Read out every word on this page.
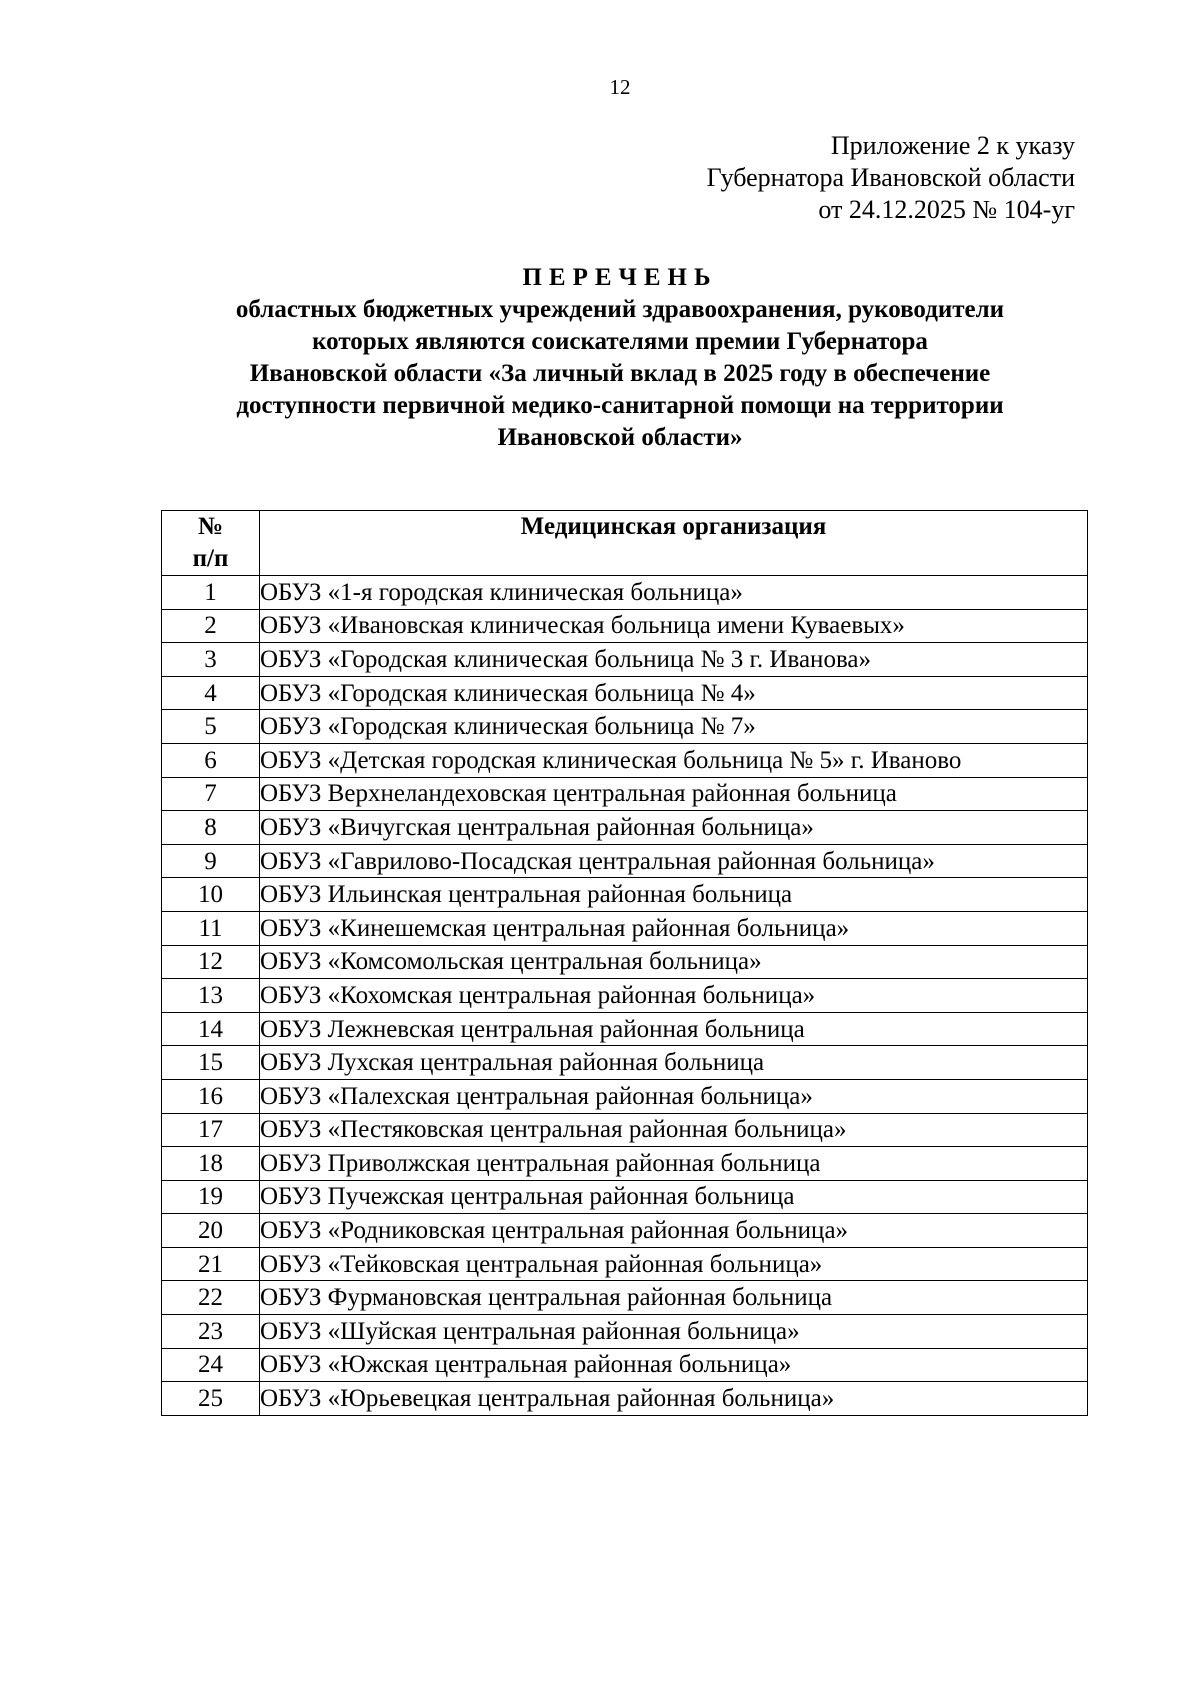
12
Приложение 2 к указу
Губернатора Ивановской области
от 24.12.2025 № 104-уг
ПЕРЕЧЕНЬ
областных бюджетных учреждений здравоохранения, руководители
которых являются соискателями премии Губернатора
Ивановской области «За личный вклад в 2025 году в обеспечение
доступности первичной медико-санитарной помощи на территории
Ивановской области»
№
п/п	Медицинская организация
1	ОБУЗ «1-я городская клиническая больница»
2	ОБУЗ «Ивановская клиническая больница имени Куваевых»
3	ОБУЗ «Городская клиническая больница № 3 г. Иванова»
4	ОБУЗ «Городская клиническая больница № 4»
5	ОБУЗ «Городская клиническая больница № 7»
6	ОБУЗ «Детская городская клиническая больница № 5» г. Иваново
7	ОБУЗ Верхнеландеховская центральная районная больница
8	ОБУЗ «Вичугская центральная районная больница»
9	ОБУЗ «Гаврилово-Посадская центральная районная больница»
10	ОБУЗ Ильинская центральная районная больница
11	ОБУЗ «Кинешемская центральная районная больница»
12	ОБУЗ «Комсомольская центральная больница»
13	ОБУЗ «Кохомская центральная районная больница»
14	ОБУЗ Лежневская центральная районная больница
15	ОБУЗ Лухская центральная районная больница
16	ОБУЗ «Палехская центральная районная больница»
17	ОБУЗ «Пестяковская центральная районная больница»
18	ОБУЗ Приволжская центральная районная больница
19	ОБУЗ Пучежская центральная районная больница
20	ОБУЗ «Родниковская центральная районная больница»
21	ОБУЗ «Тейковская центральная районная больница»
22	ОБУЗ Фурмановская центральная районная больница
23	ОБУЗ «Шуйская центральная районная больница»
24	ОБУЗ «Южская центральная районная больница»
25	ОБУЗ «Юрьевецкая центральная районная больница»
